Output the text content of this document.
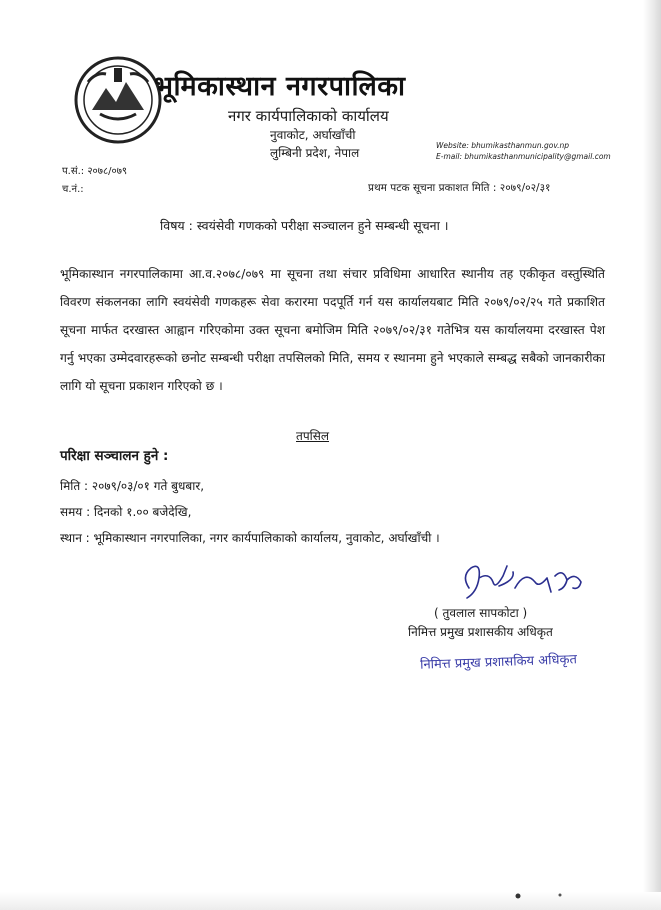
भूमिकास्थान नगरपालिका
नगर कार्यपालिकाको कार्यालय
नुवाकोट, अर्घाखाँची
लुम्बिनी प्रदेश, नेपाल
Website: bhumikasthanmun.gov.np
E-mail: bhumikasthanmunicipality@gmail.com
प.सं.: २०७८/०७९
च.नं.:	प्रथम पटक सूचना प्रकाशत मिति : २०७९/०२/३१
विषय : स्वयंसेवी गणकको परीक्षा सञ्चालन हुने सम्बन्धी सूचना ।
भूमिकास्थान नगरपालिकामा आ.व.२०७८/०७९ मा सूचना तथा संचार प्रविधिमा आधारित स्थानीय तह एकीकृत वस्तुस्थिति विवरण संकलनका लागि स्वयंसेवी गणकहरू सेवा करारमा पदपूर्ति गर्न यस कार्यालयबाट मिति २०७९/०२/२५ गते प्रकाशित सूचना मार्फत दरखास्त आह्वान गरिएकोमा उक्त सूचना बमोजिम मिति २०७९/०२/३१ गतेभित्र यस कार्यालयमा दरखास्त पेश गर्नु भएका उम्मेदवारहरूको छनोट सम्बन्धी परीक्षा तपसिलको मिति, समय र स्थानमा हुने भएकाले सम्बद्ध सबैको जानकारीका लागि यो सूचना प्रकाशन गरिएको छ ।
तपसिल
परिक्षा सञ्चालन हुने :
मिति : २०७९/०३/०१ गते बुधबार,
समय : दिनको १.०० बजेदेखि,
स्थान : भूमिकास्थान नगरपालिका, नगर कार्यपालिकाको कार्यालय, नुवाकोट, अर्घाखाँची ।
( तुवलाल सापकोटा )
निमित्त प्रमुख प्रशासकीय अधिकृत
निमित्त प्रमुख प्रशासकिय अधिकृत
